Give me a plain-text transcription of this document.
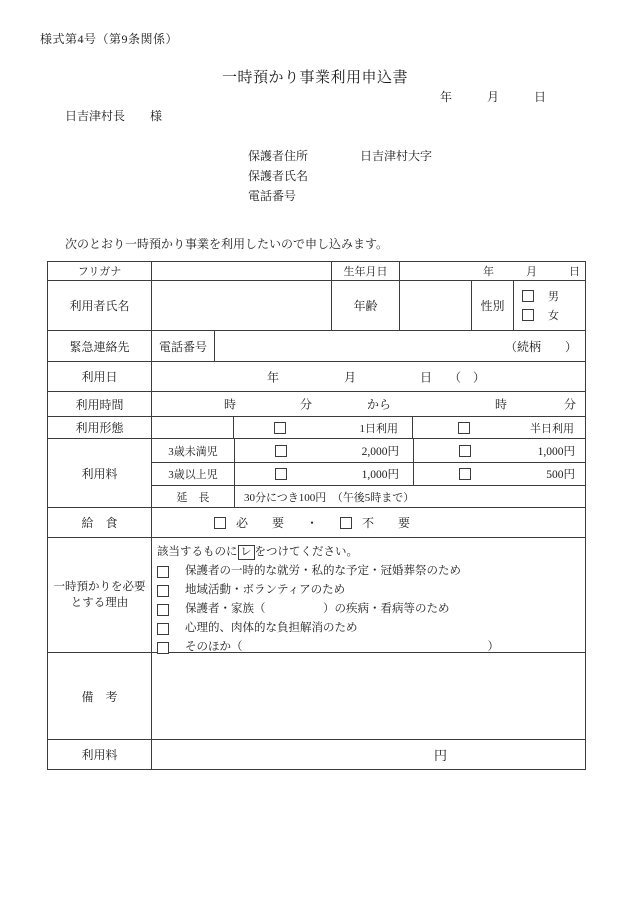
様式第4号（第9条関係）
一時預かり事業利用申込書
年	月	日
日吉津村長 様
保護者住所	日吉津村大字
保護者氏名
電話番号
次のとおり一時預かり事業を利用したいので申し込みます。
フリガナ	生年月日	年	月	日
利用者氏名	年齢	性別
男
女
緊急連絡先	電話番号	（続柄 ）
利用日	年	月	日 （　）
利用時間	時	分	から	時	分
利用形態	1日利用	半日利用
利用料
3歳未満児	2,000円	1,000円
3歳以上児	1,000円	500円
延　長	30分につき100円　（午後5時まで）
給　食	必　　要 ・	不　　要
一時預かりを必要
とする理由
該当するものに レ をつけてください。
保護者の一時的な就労・私的な予定・冠婚葬祭のため
地域活動・ボランティアのため
保護者・家族（　　　　　）の疾病・看病等のため
心理的、肉体的な負担解消のため
そのほか（	）
備　考
利用料	円
